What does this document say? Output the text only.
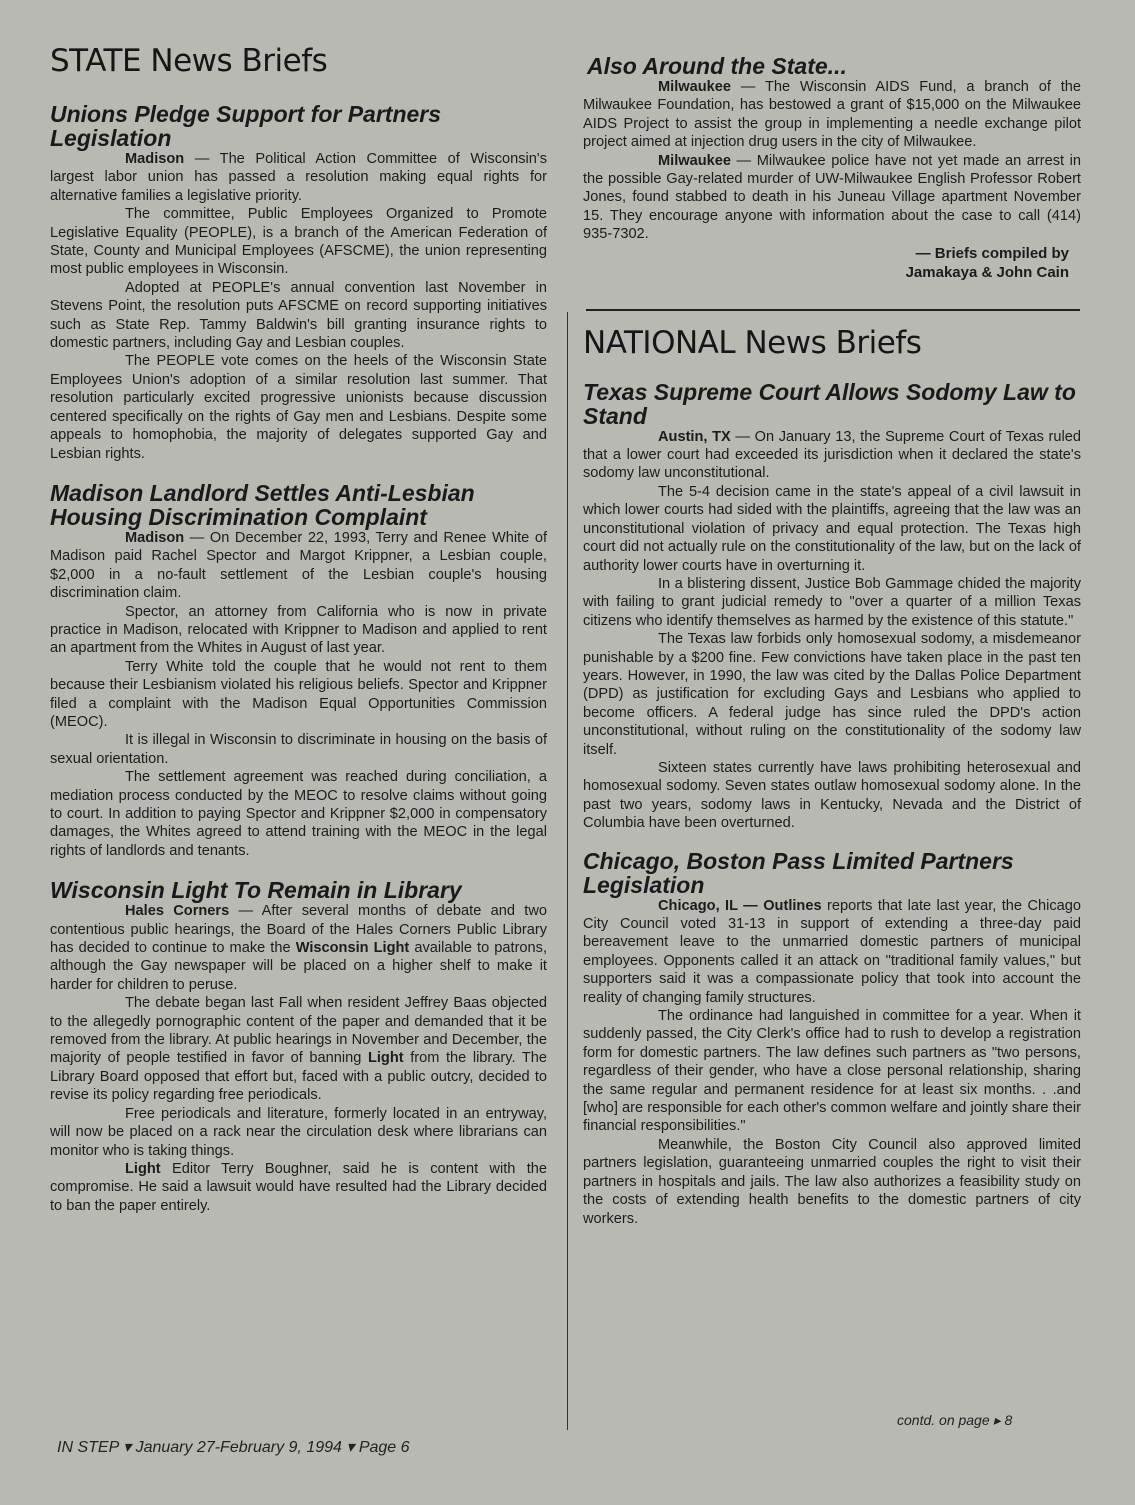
STATE News Briefs
Unions Pledge Support for Partners Legislation

Madison — The Political Action Committee of Wisconsin's largest labor union has passed a resolution making equal rights for alternative families a legislative priority.

The committee, Public Employees Organized to Promote Legislative Equality (PEOPLE), is a branch of the American Federation of State, County and Municipal Employees (AFSCME), the union representing most public employees in Wisconsin.

Adopted at PEOPLE's annual convention last November in Stevens Point, the resolution puts AFSCME on record supporting initiatives such as State Rep. Tammy Baldwin's bill granting insurance rights to domestic partners, including Gay and Lesbian couples.

The PEOPLE vote comes on the heels of the Wisconsin State Employees Union's adoption of a similar resolution last summer. That resolution particularly excited progressive unionists because discussion centered specifically on the rights of Gay men and Lesbians. Despite some appeals to homophobia, the majority of delegates supported Gay and Lesbian rights.

Madison Landlord Settles Anti-Lesbian Housing Discrimination Complaint

Madison — On December 22, 1993, Terry and Renee White of Madison paid Rachel Spector and Margot Krippner, a Lesbian couple, $2,000 in a no-fault settlement of the Lesbian couple's housing discrimination claim.

Spector, an attorney from California who is now in private practice in Madison, relocated with Krippner to Madison and applied to rent an apartment from the Whites in August of last year.

Terry White told the couple that he would not rent to them because their Lesbianism violated his religious beliefs. Spector and Krippner filed a complaint with the Madison Equal Opportunities Commission (MEOC).

It is illegal in Wisconsin to discriminate in housing on the basis of sexual orientation.

The settlement agreement was reached during conciliation, a mediation process conducted by the MEOC to resolve claims without going to court. In addition to paying Spector and Krippner $2,000 in compensatory damages, the Whites agreed to attend training with the MEOC in the legal rights of landlords and tenants.

Wisconsin Light To Remain in Library

Hales Corners — After several months of debate and two contentious public hearings, the Board of the Hales Corners Public Library has decided to continue to make the Wisconsin Light available to patrons, although the Gay newspaper will be placed on a higher shelf to make it harder for children to peruse.

The debate began last Fall when resident Jeffrey Baas objected to the allegedly pornographic content of the paper and demanded that it be removed from the library. At public hearings in November and December, the majority of people testified in favor of banning Light from the library. The Library Board opposed that effort but, faced with a public outcry, decided to revise its policy regarding free periodicals.

Free periodicals and literature, formerly located in an entryway, will now be placed on a rack near the circulation desk where librarians can monitor who is taking things.

Light Editor Terry Boughner, said he is content with the compromise. He said a lawsuit would have resulted had the Library decided to ban the paper entirely.

Also Around the State...

Milwaukee — The Wisconsin AIDS Fund, a branch of the Milwaukee Foundation, has bestowed a grant of $15,000 on the Milwaukee AIDS Project to assist the group in implementing a needle exchange pilot project aimed at injection drug users in the city of Milwaukee.

Milwaukee — Milwaukee police have not yet made an arrest in the possible Gay-related murder of UW-Milwaukee English Professor Robert Jones, found stabbed to death in his Juneau Village apartment November 15. They encourage anyone with information about the case to call (414) 935-7302.

— Briefs compiled by

Jamakaya & John Cain

NATIONAL News Briefs
Texas Supreme Court Allows Sodomy Law to Stand

Austin, TX — On January 13, the Supreme Court of Texas ruled that a lower court had exceeded its jurisdiction when it declared the state's sodomy law unconstitutional.

The 5-4 decision came in the state's appeal of a civil lawsuit in which lower courts had sided with the plaintiffs, agreeing that the law was an unconstitutional violation of privacy and equal protection. The Texas high court did not actually rule on the constitutionality of the law, but on the lack of authority lower courts have in overturning it.

In a blistering dissent, Justice Bob Gammage chided the majority with failing to grant judicial remedy to "over a quarter of a million Texas citizens who identify themselves as harmed by the existence of this statute."

The Texas law forbids only homosexual sodomy, a misdemeanor punishable by a $200 fine. Few convictions have taken place in the past ten years. However, in 1990, the law was cited by the Dallas Police Department (DPD) as justification for excluding Gays and Lesbians who applied to become officers. A federal judge has since ruled the DPD's action unconstitutional, without ruling on the constitutionality of the sodomy law itself.

Sixteen states currently have laws prohibiting heterosexual and homosexual sodomy. Seven states outlaw homosexual sodomy alone. In the past two years, sodomy laws in Kentucky, Nevada and the District of Columbia have been overturned.

Chicago, Boston Pass Limited Partners Legislation

Chicago, IL — Outlines reports that late last year, the Chicago City Council voted 31-13 in support of extending a three-day paid bereavement leave to the unmarried domestic partners of municipal employees. Opponents called it an attack on "traditional family values," but supporters said it was a compassionate policy that took into account the reality of changing family structures.

The ordinance had languished in committee for a year. When it suddenly passed, the City Clerk's office had to rush to develop a registration form for domestic partners. The law defines such partners as "two persons, regardless of their gender, who have a close personal relationship, sharing the same regular and permanent residence for at least six months. . .and [who] are responsible for each other's common welfare and jointly share their financial responsibilities."

Meanwhile, the Boston City Council also approved limited partners legislation, guaranteeing unmarried couples the right to visit their partners in hospitals and jails. The law also authorizes a feasibility study on the costs of extending health benefits to the domestic partners of city workers.

contd. on page ▸ 8
IN STEP ▾ January 27-February 9, 1994 ▾ Page 6
